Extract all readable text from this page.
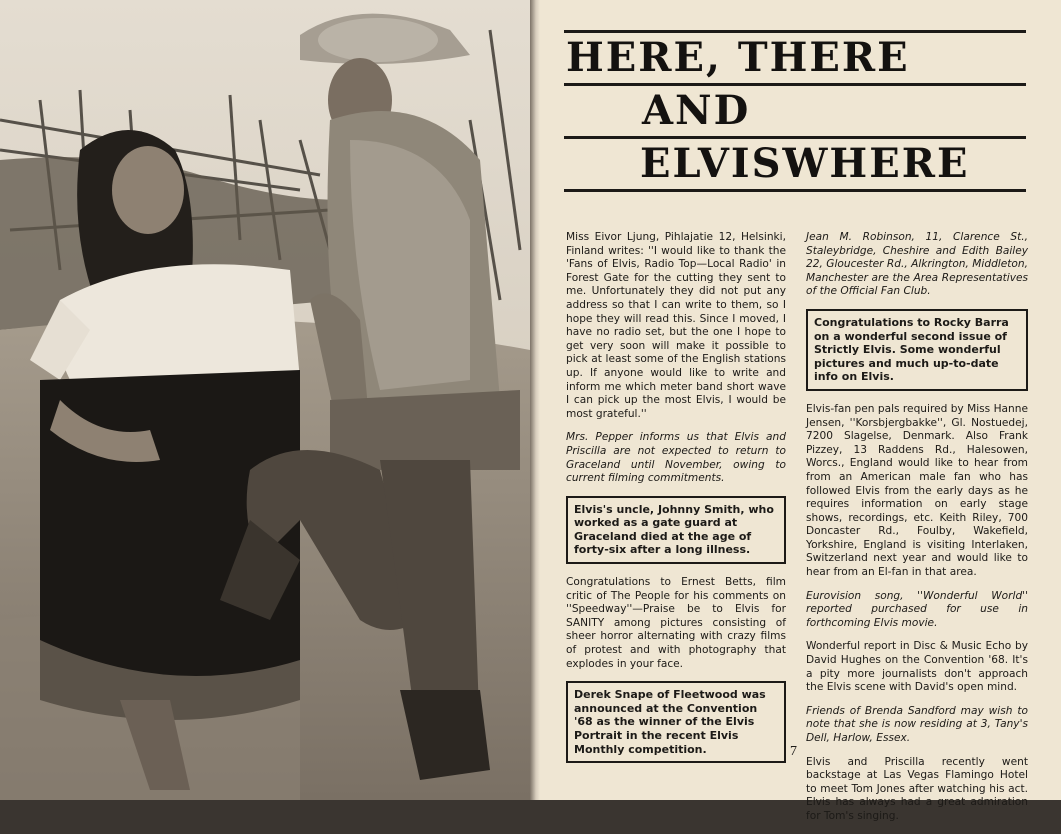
HERE, THERE

AND

ELVISWHERE

Miss Eivor Ljung, Pihlajatie 12, Helsinki, Finland writes: ''I would like to thank the 'Fans of Elvis, Radio Top—Local Radio' in Forest Gate for the cutting they sent to me. Unfortunately they did not put any address so that I can write to them, so I hope they will read this. Since I moved, I have no radio set, but the one I hope to get very soon will make it possible to pick at least some of the English stations up. If anyone would like to write and inform me which meter band short wave I can pick up the most Elvis, I would be most grateful.''

Mrs. Pepper informs us that Elvis and Priscilla are not expected to return to Graceland until November, owing to current filming commitments.

Elvis's uncle, Johnny Smith, who worked as a gate guard at Graceland died at the age of forty-six after a long illness.

Congratulations to Ernest Betts, film critic of The People for his comments on ''Speedway''—Praise be to Elvis for SANITY among pictures consisting of sheer horror alternating with crazy films of protest and with photography that explodes in your face.

Derek Snape of Fleetwood was announced at the Convention '68 as the winner of the Elvis Portrait in the recent Elvis Monthly competition.

Jean M. Robinson, 11, Clarence St., Staleybridge, Cheshire and Edith Bailey 22, Gloucester Rd., Alkrington, Middleton, Manchester are the Area Representatives of the Official Fan Club.

Congratulations to Rocky Barra on a wonderful second issue of Strictly Elvis. Some wonderful pictures and much up-to-date info on Elvis.

Elvis-fan pen pals required by Miss Hanne Jensen, ''Korsbjergbakke'', Gl. Nostuedej, 7200 Slagelse, Denmark. Also Frank Pizzey, 13 Raddens Rd., Halesowen, Worcs., England would like to hear from from an American male fan who has followed Elvis from the early days as he requires information on early stage shows, recordings, etc. Keith Riley, 700 Doncaster Rd., Foulby, Wakefield, Yorkshire, England is visiting Interlaken, Switzerland next year and would like to hear from an El-fan in that area.

Eurovision song, ''Wonderful World'' reported purchased for use in forthcoming Elvis movie.

Wonderful report in Disc & Music Echo by David Hughes on the Convention '68. It's a pity more journalists don't approach the Elvis scene with David's open mind.

Friends of Brenda Sandford may wish to note that she is now residing at 3, Tany's Dell, Harlow, Essex.

Elvis and Priscilla recently went backstage at Las Vegas Flamingo Hotel to meet Tom Jones after watching his act. Elvis has always had a great admiration for Tom's singing.

7
